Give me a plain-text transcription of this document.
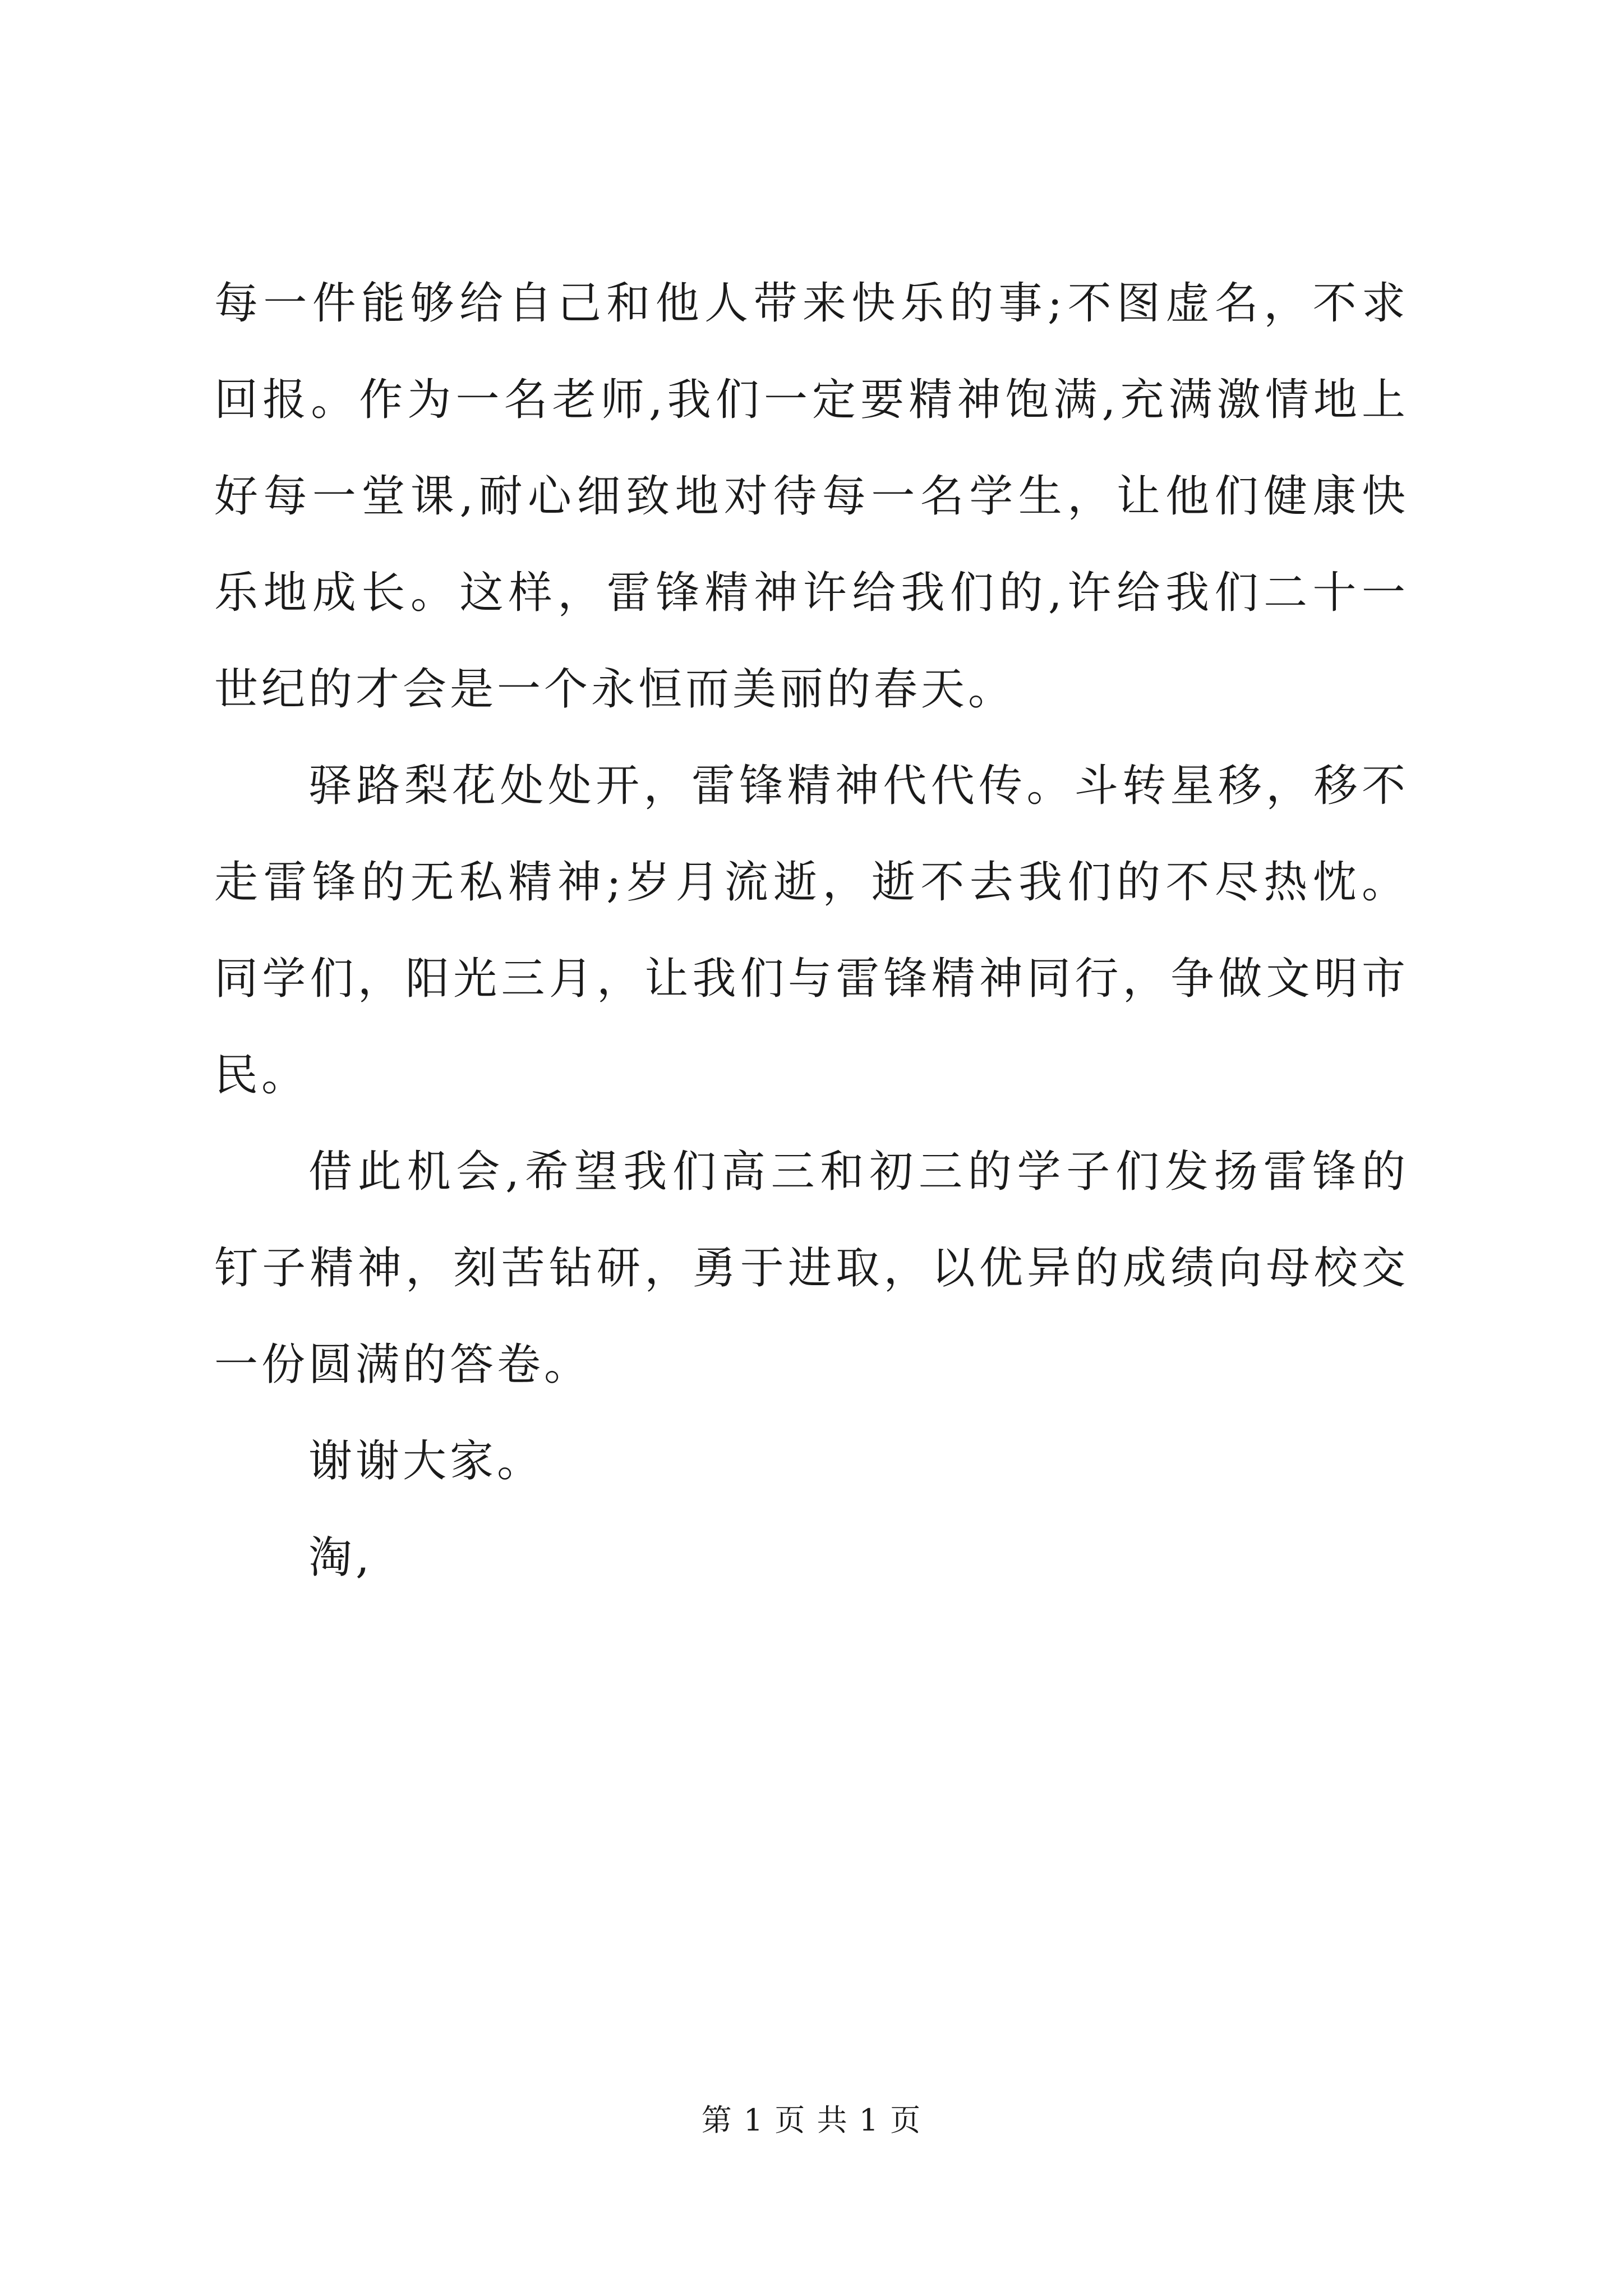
每一件能够给自己和他人带来快乐的事;不图虚名，不求回报。作为一名老师,我们一定要精神饱满,充满激情地上好每一堂课,耐心细致地对待每一名学生，让他们健康快乐地成长。这样，雷锋精神许给我们的,许给我们二十一世纪的才会是一个永恒而美丽的春天。

驿路梨花处处开，雷锋精神代代传。斗转星移，移不走雷锋的无私精神;岁月流逝，逝不去我们的不尽热忱。同学们，阳光三月，让我们与雷锋精神同行，争做文明市民。

借此机会,希望我们高三和初三的学子们发扬雷锋的钉子精神，刻苦钻研，勇于进取，以优异的成绩向母校交一份圆满的答卷。

谢谢大家。

淘,

第 1 页 共 1 页
